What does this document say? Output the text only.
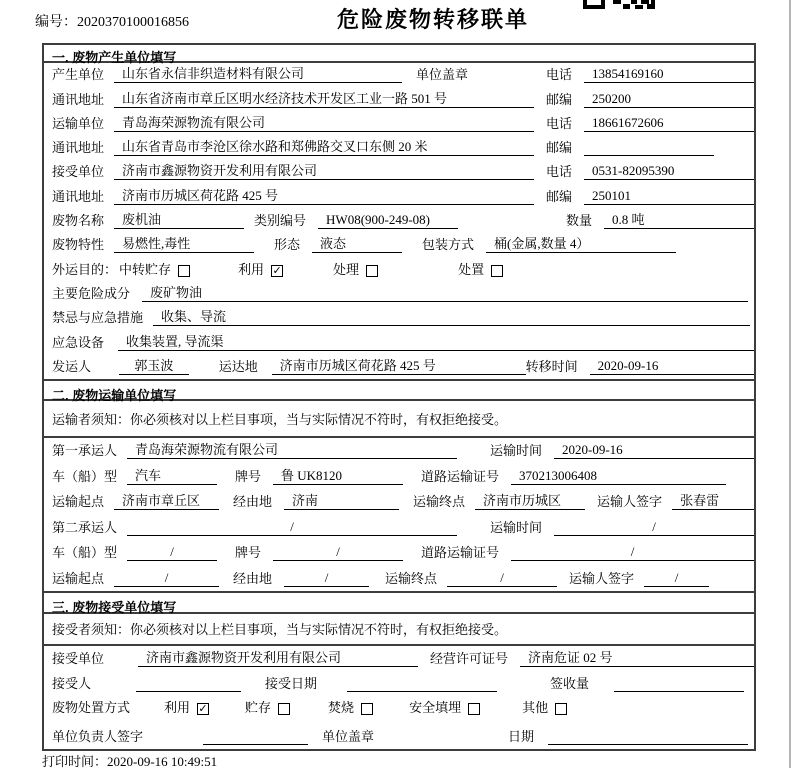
编号：2020370100016856	危险废物转移联单
一. 废物产生单位填写
产生单位	山东省永信非织造材料有限公司	单位盖章	电话	13854169160
通讯地址	山东省济南市章丘区明水经济技术开发区工业一路 501 号	邮编	250200
运输单位	青岛海荣源物流有限公司	电话	18661672606
通讯地址	山东省青岛市李沧区徐水路和郑佛路交叉口东侧 20 米	邮编
接受单位	济南市鑫源物资开发利用有限公司	电话	0531-82095390
通讯地址	济南市历城区荷花路 425 号	邮编	250101
废物名称	废机油	类别编号	HW08(900-249-08)	数量	0.8 吨
废物特性	易燃性,毒性	形态	液态	包装方式	桶(金属,数量 4）
外运目的： 中转贮存	利用 ✓	处理	处置
主要危险成分	废矿物油
禁忌与应急措施	收集、导流
应急设备	收集装置, 导流渠
发运人	郭玉波	运达地	济南市历城区荷花路 425 号	转移时间	2020-09-16
二. 废物运输单位填写
运输者须知：你必须核对以上栏目事项，当与实际情况不符时，有权拒绝接受。
第一承运人	青岛海荣源物流有限公司	运输时间	2020-09-16
车（船）型	汽车	牌号	鲁 UK8120	道路运输证号	370213006408
运输起点	济南市章丘区	经由地	济南	运输终点	济南市历城区	运输人签字	张春雷
第二承运人	/	运输时间	/
车（船）型	/	牌号	/	道路运输证号	/
运输起点	/	经由地	/	运输终点	/	运输人签字	/
三. 废物接受单位填写
接受者须知：你必须核对以上栏目事项，当与实际情况不符时，有权拒绝接受。
接受单位	济南市鑫源物资开发利用有限公司	经营许可证号	济南危证 02 号
接受人	接受日期	签收量
废物处置方式	利用 ✓	贮存	焚烧	安全填埋	其他
单位负责人签字	单位盖章	日期
打印时间：2020-09-16 10:49:51
